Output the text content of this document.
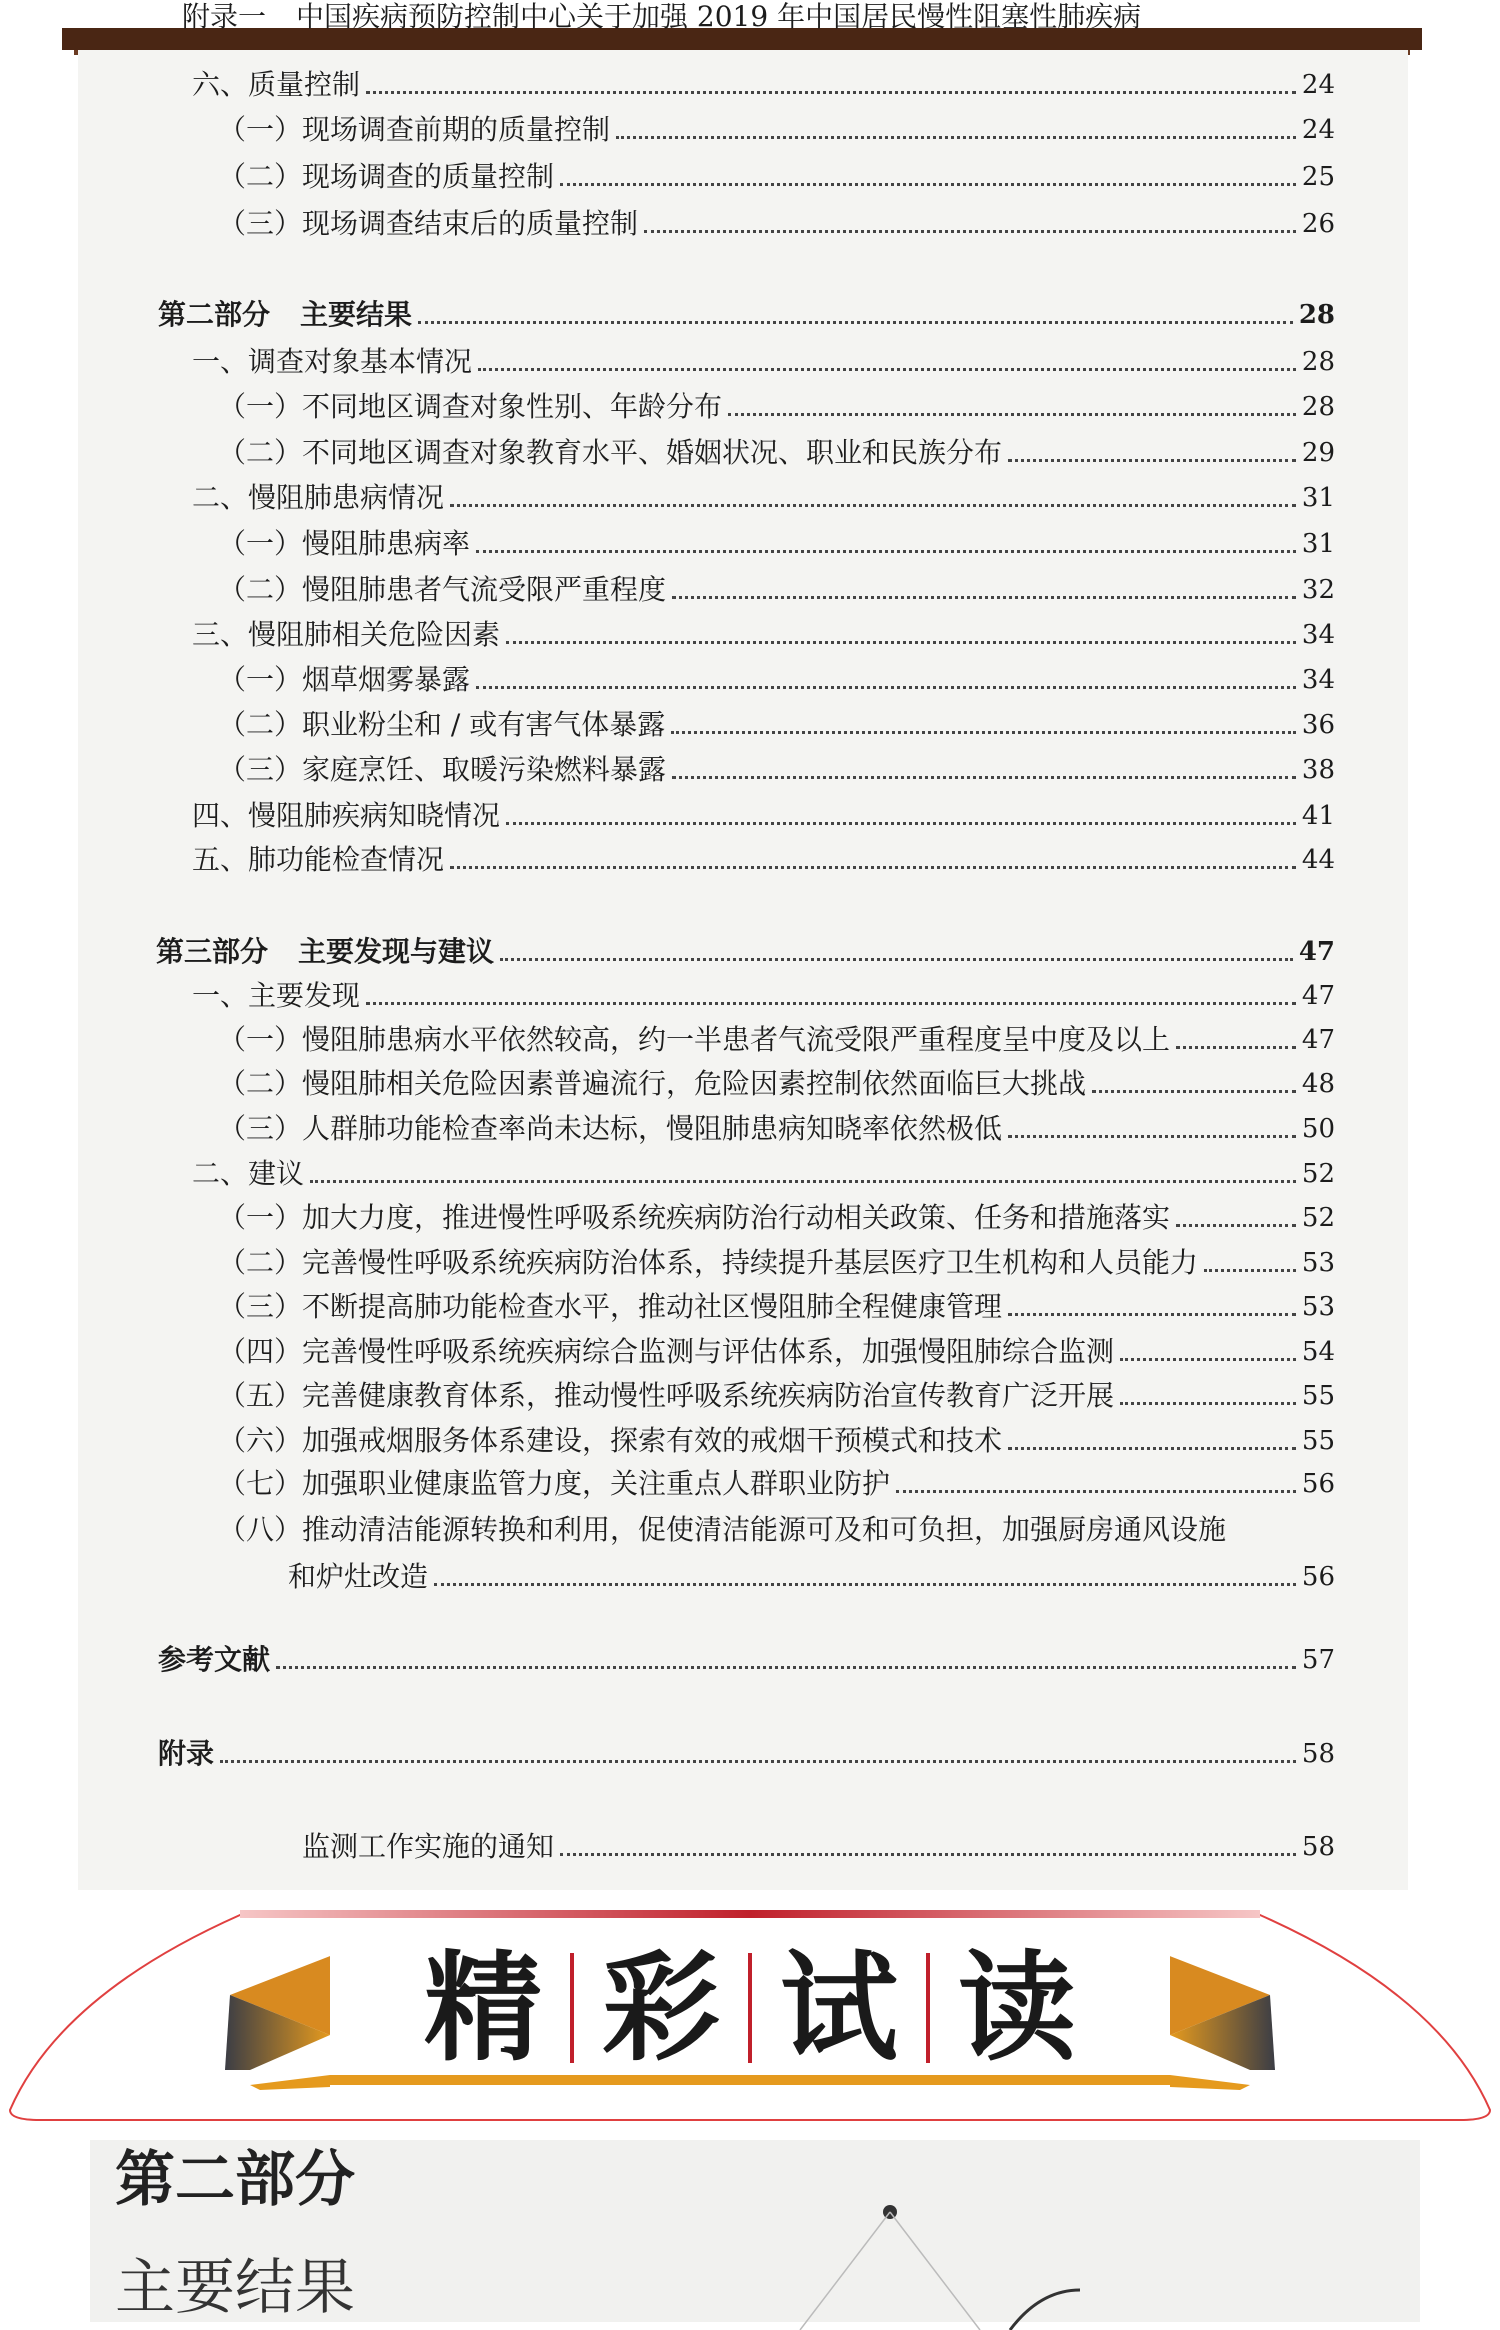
六、 质量控制	24
（一） 现场调查前期的质量控制	24
（二） 现场调查的质量控制	25
（三） 现场调查结束后的质量控制	26
第二部分 主要结果	28
一、 调查对象基本情况	28
（一） 不同地区调查对象性别、年龄分布	28
（二） 不同地区调查对象教育水平、婚姻状况、职业和民族分布	29
二、 慢阻肺患病情况	31
（一） 慢阻肺患病率	31
（二） 慢阻肺患者气流受限严重程度	32
三、 慢阻肺相关危险因素	34
（一） 烟草烟雾暴露	34
（二） 职业粉尘和 / 或有害气体暴露	36
（三） 家庭烹饪、取暖污染燃料暴露	38
四、 慢阻肺疾病知晓情况	41
五、 肺功能检查情况	44
第三部分 主要发现与建议	47
一、 主要发现	47
（一） 慢阻肺患病水平依然较高，约一半患者气流受限严重程度呈中度及以上	47
（二） 慢阻肺相关危险因素普遍流行，危险因素控制依然面临巨大挑战	48
（三） 人群肺功能检查率尚未达标，慢阻肺患病知晓率依然极低	50
二、 建议	52
（一） 加大力度，推进慢性呼吸系统疾病防治行动相关政策、任务和措施落实	52
（二） 完善慢性呼吸系统疾病防治体系，持续提升基层医疗卫生机构和人员能力	53
（三） 不断提高肺功能检查水平，推动社区慢阻肺全程健康管理	53
（四） 完善慢性呼吸系统疾病综合监测与评估体系，加强慢阻肺综合监测	54
（五） 完善健康教育体系，推动慢性呼吸系统疾病防治宣传教育广泛开展	55
（六） 加强戒烟服务体系建设，探索有效的戒烟干预模式和技术	55
（七） 加强职业健康监管力度，关注重点人群职业防护	56
（八）推动清洁能源转换和利用，促使清洁能源可及和可负担，加强厨房通风设施
和炉灶改造	56
参考文献	57
附录	58
附录一 中国疾病预防控制中心关于加强 2019 年中国居民慢性阻塞性肺疾病
监测工作实施的通知	58
精 彩 试 读
第二部分
主要结果
